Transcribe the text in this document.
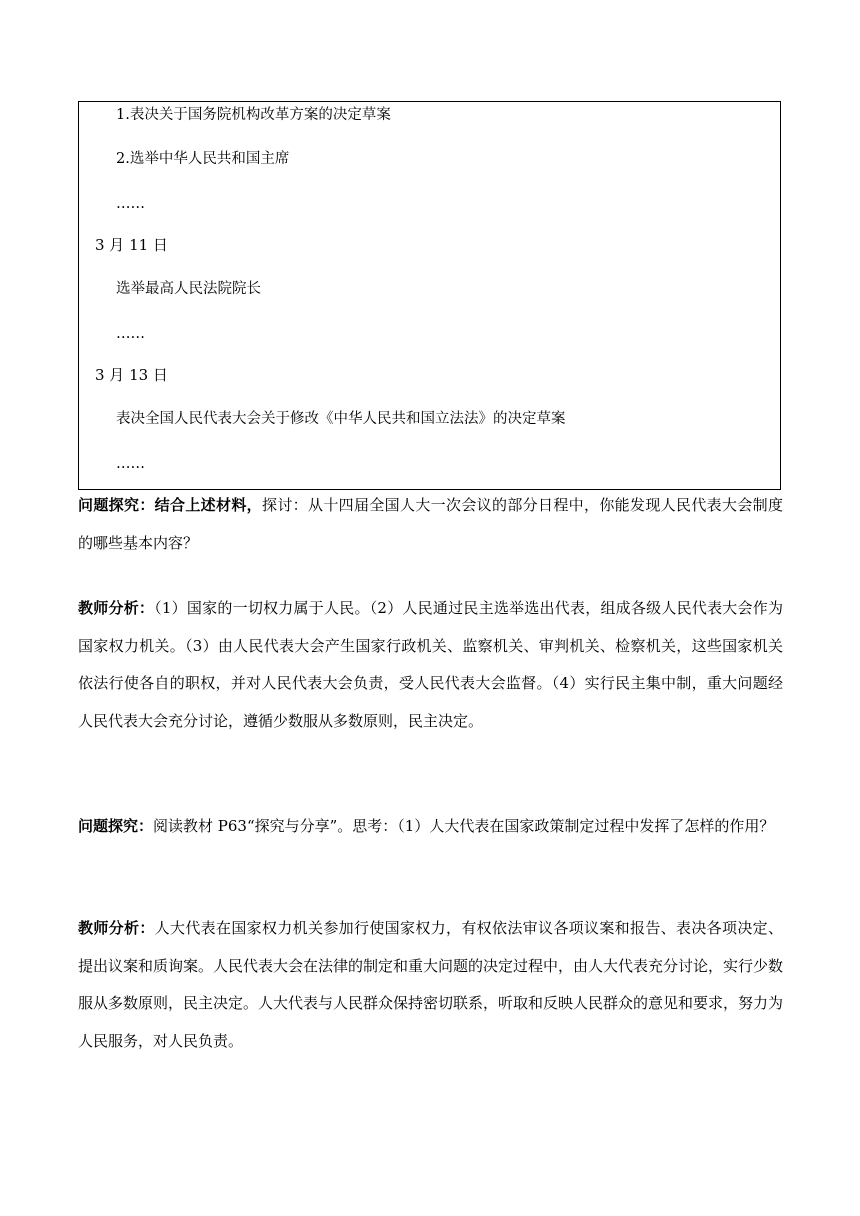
1.表决关于国务院机构改革方案的决定草案
2.选举中华人民共和国主席
……
3 月 11 日
选举最高人民法院院长
……
3 月 13 日
表决全国人民代表大会关于修改《中华人民共和国立法法》的决定草案
……

问题探究：结合上述材料，探讨：从十四届全国人大一次会议的部分日程中，你能发现人民代表大会制度的哪些基本内容？

教师分析：（1）国家的一切权力属于人民。（2）人民通过民主选举选出代表，组成各级人民代表大会作为国家权力机关。（3）由人民代表大会产生国家行政机关、监察机关、审判机关、检察机关，这些国家机关依法行使各自的职权，并对人民代表大会负责，受人民代表大会监督。（4）实行民主集中制，重大问题经人民代表大会充分讨论，遵循少数服从多数原则，民主决定。

问题探究：阅读教材 P63“探究与分享”。思考：（1）人大代表在国家政策制定过程中发挥了怎样的作用？

教师分析：人大代表在国家权力机关参加行使国家权力，有权依法审议各项议案和报告、表决各项决定、提出议案和质询案。人民代表大会在法律的制定和重大问题的决定过程中，由人大代表充分讨论，实行少数服从多数原则，民主决定。人大代表与人民群众保持密切联系，听取和反映人民群众的意见和要求，努力为人民服务，对人民负责。
